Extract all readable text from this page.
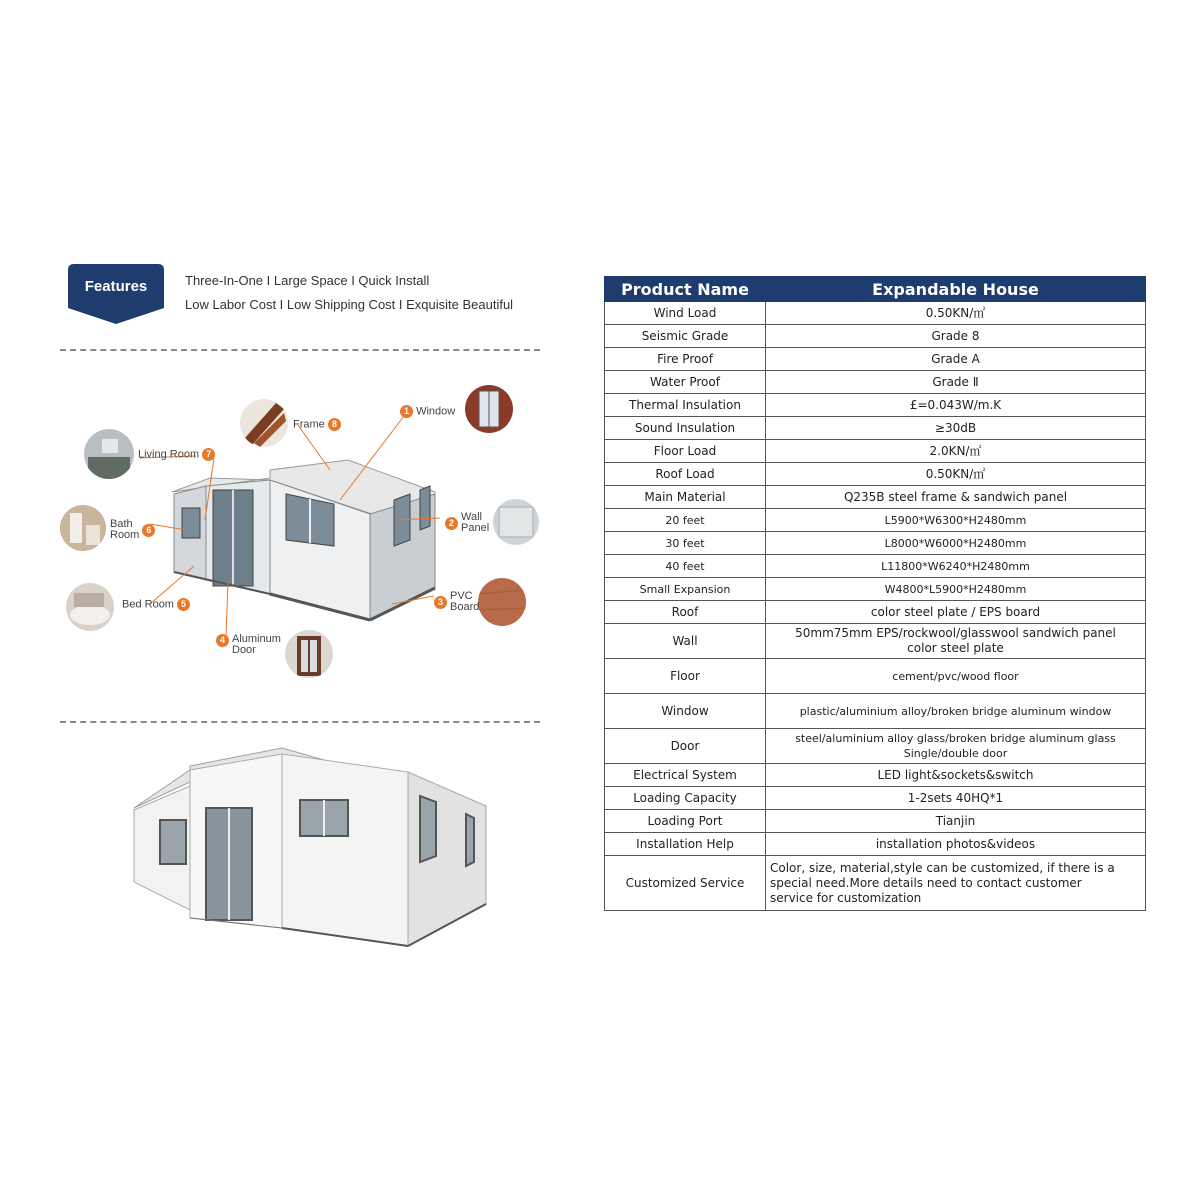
Features	Three-In-One I Large Space I Quick Install
Low Labor Cost I Low Shipping Cost I Exquisite Beautiful
Living Room 7
Frame 8
1 Window
Bath
Room 6
2 Wall
Panel
Bed Room 5	3 PVC
Board
4 Aluminum
Door
Product Name	Expandable House
Wind Load	0.50KN/㎡
Seismic Grade	Grade 8
Fire Proof	Grade A
Water Proof	Grade Ⅱ
Thermal Insulation	£=0.043W/m.K
Sound Insulation	≥30dB
Floor Load	2.0KN/㎡
Roof Load	0.50KN/㎡
Main Material	Q235B steel frame & sandwich panel
20 feet	L5900*W6300*H2480mm
30 feet	L8000*W6000*H2480mm
40 feet	L11800*W6240*H2480mm
Small Expansion	W4800*L5900*H2480mm
Roof	color steel plate / EPS board
Wall	50mm75mm EPS/rockwool/glasswool sandwich panel
color steel plate

Floor	cement/pvc/wood floor
Window	plastic/aluminium alloy/broken bridge aluminum window
Door	steel/aluminium alloy glass/broken bridge aluminum glass
Single/double door

Electrical System	LED light&sockets&switch
Loading Capacity	1-2sets 40HQ*1
Loading Port	Tianjin
Installation Help	installation photos&videos
Customized Service	Color, size, material,style can be customized, if there is a
special need.More details need to contact customer
service for customization
